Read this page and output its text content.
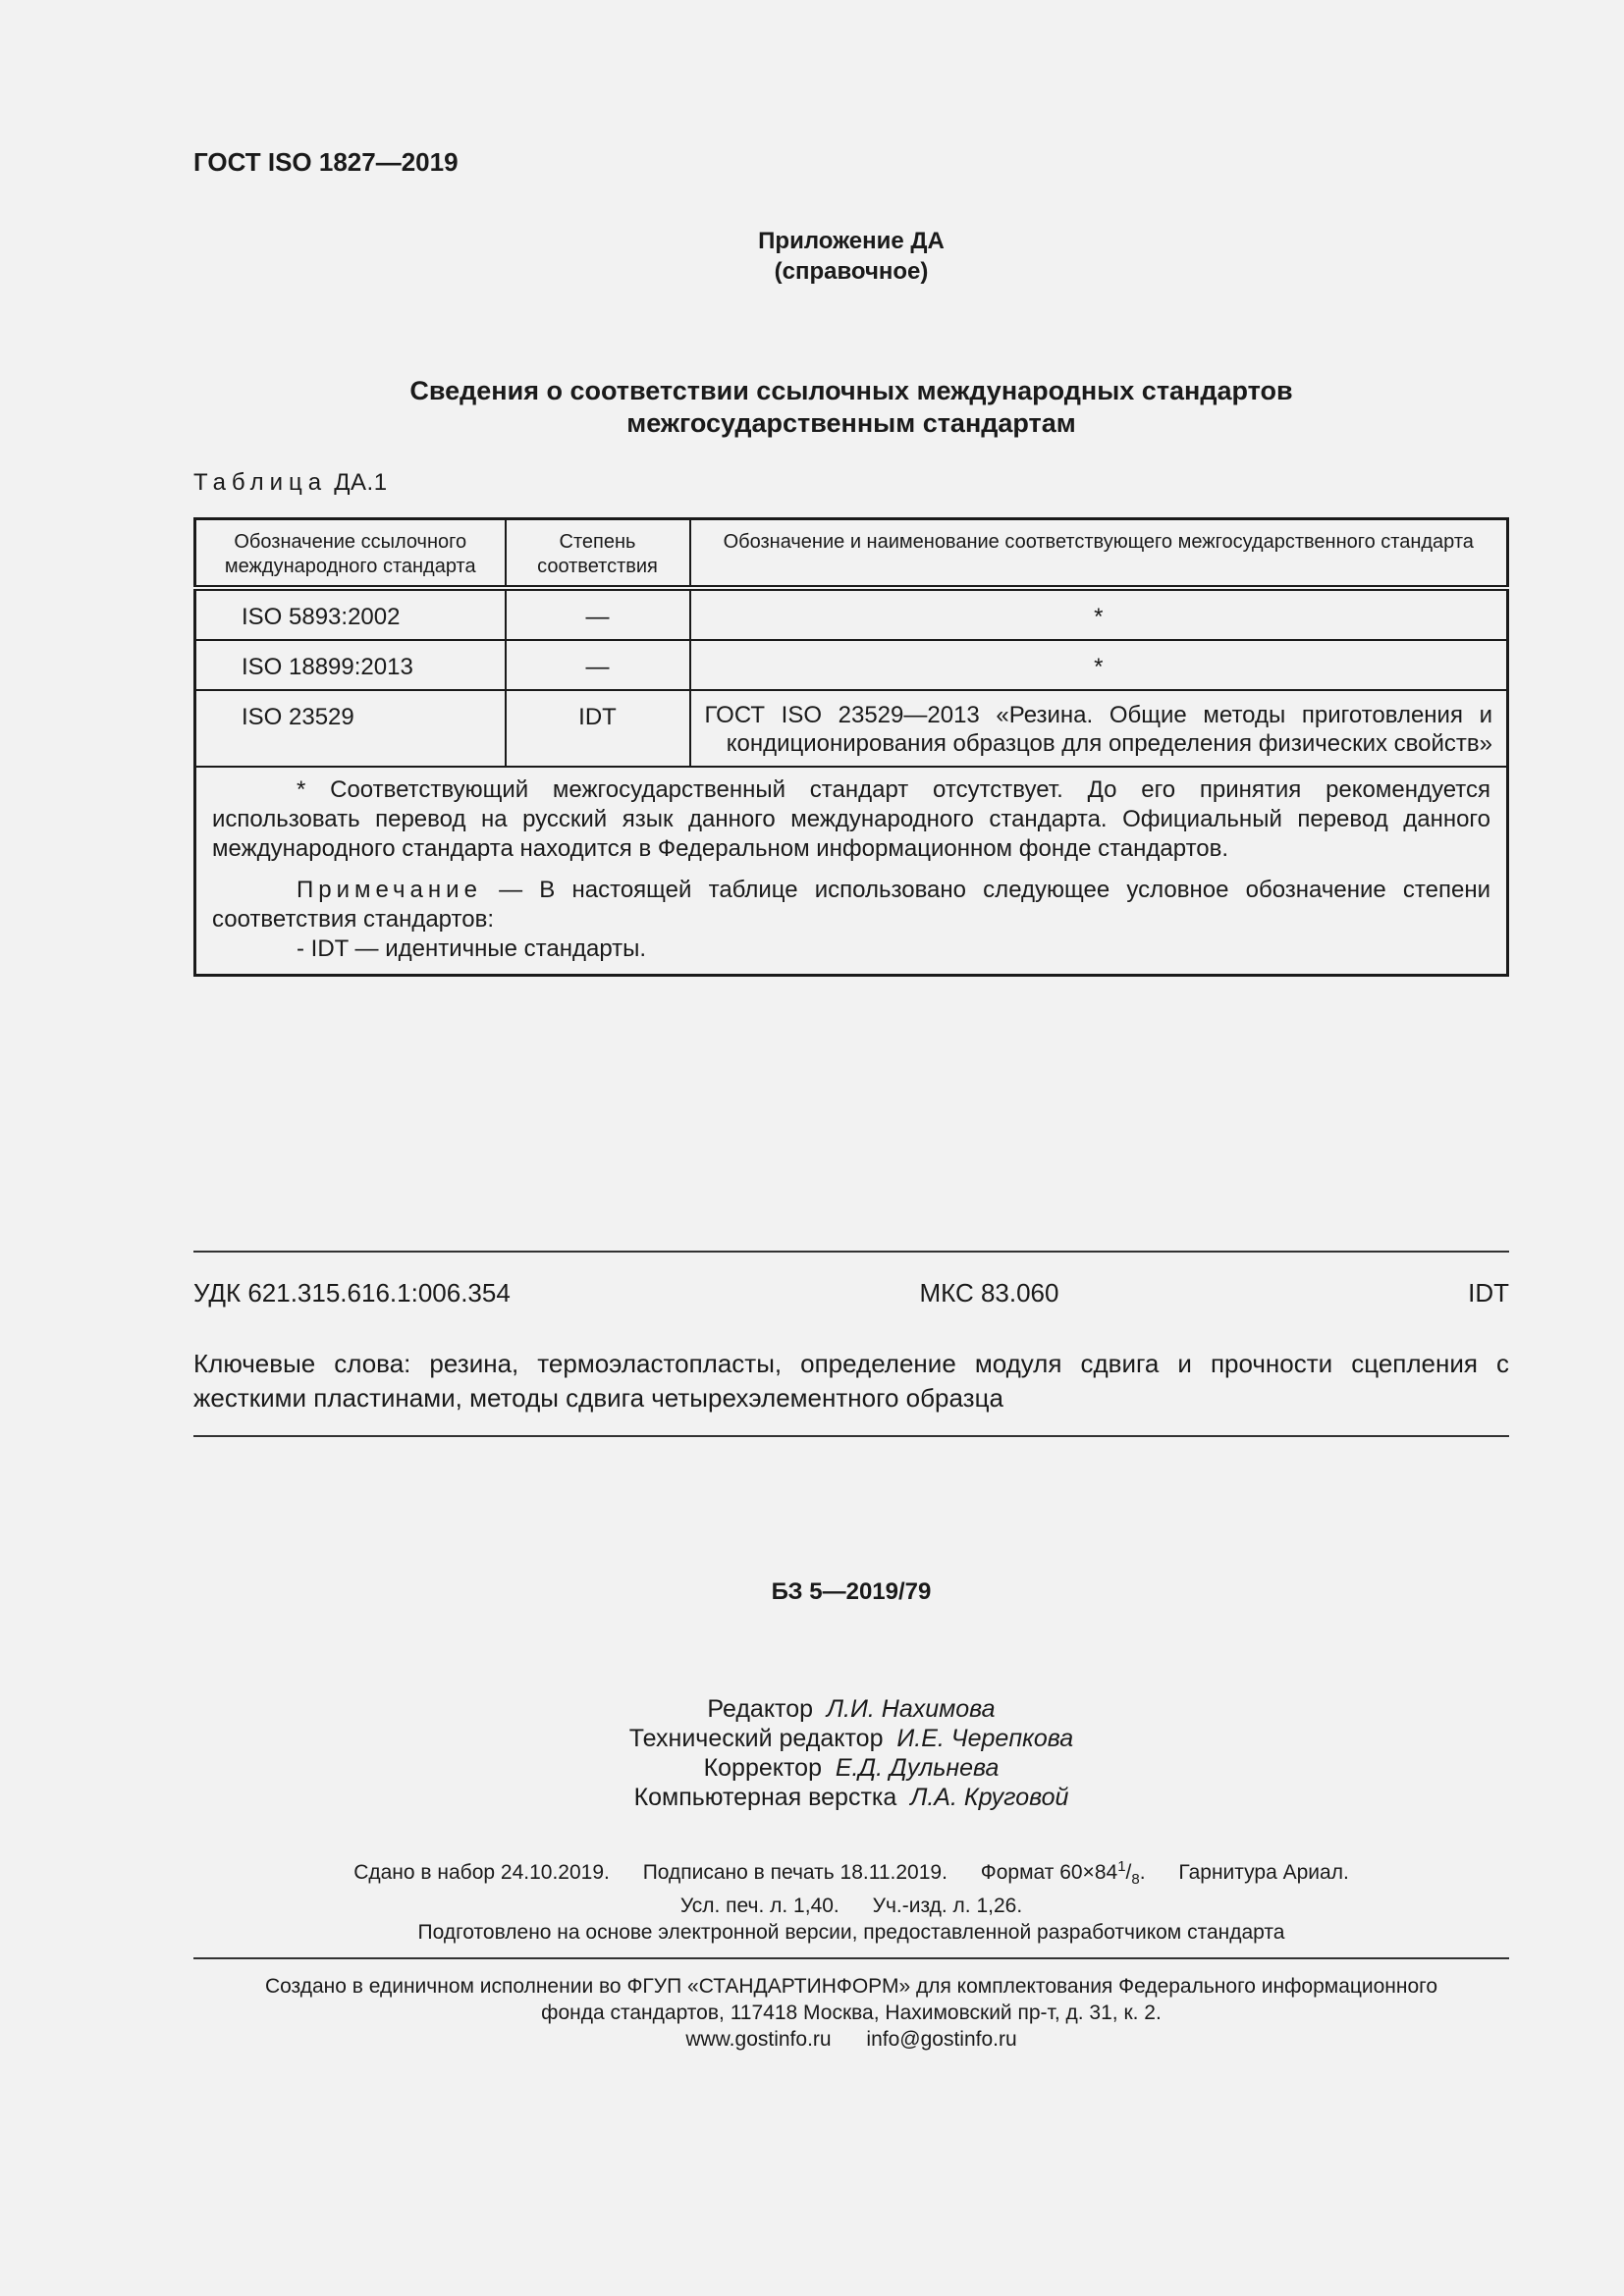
ГОСТ ISO 1827—2019
Приложение ДА
(справочное)
Сведения о соответствии ссылочных международных стандартов
межгосударственным стандартам
Таблица ДА.1
Обозначение ссылочного международного стандарта	Степень соответствия	Обозначение и наименование соответствующего межгосударственного стандарта
ISO 5893:2002	—	*
ISO 18899:2013	—	*
ISO 23529	IDT	ГОСТ ISO 23529—2013 «Резина. Общие методы приготовления и кондиционирования образцов для определения физических свойств»

* Соответствующий межгосударственный стандарт отсутствует. До его принятия рекомендуется использовать перевод на русский язык данного международного стандарта. Официальный перевод данного международного стандарта находится в Федеральном информационном фонде стандартов.

Примечание — В настоящей таблице использовано следующее условное обозначение степени соответствия стандартов:

- IDT — идентичные стандарты.		

УДК 621.315.616.1:006.354	МКС 83.060	IDT
Ключевые слова: резина, термоэластопласты, определение модуля сдвига и прочности сцепления с жесткими пластинами, методы сдвига четырехэлементного образца
БЗ 5—2019/79
Редактор Л.И. Нахимова
Технический редактор И.Е. Черепкова
Корректор Е.Д. Дульнева
Компьютерная верстка Л.А. Круговой
Сдано в набор 24.10.2019. Подписано в печать 18.11.2019. Формат $60\times 84^1/_8$. Гарнитура Ариал.
Усл. печ. л. 1,40. Уч.-изд. л. 1,26.
Подготовлено на основе электронной версии, предоставленной разработчиком стандарта
Создано в единичном исполнении во ФГУП «СТАНДАРТИНФОРМ» для комплектования Федерального информационного
фонда стандартов, 117418 Москва, Нахимовский пр-т, д. 31, к. 2.
www.gostinfo.ru info@gostinfo.ru
